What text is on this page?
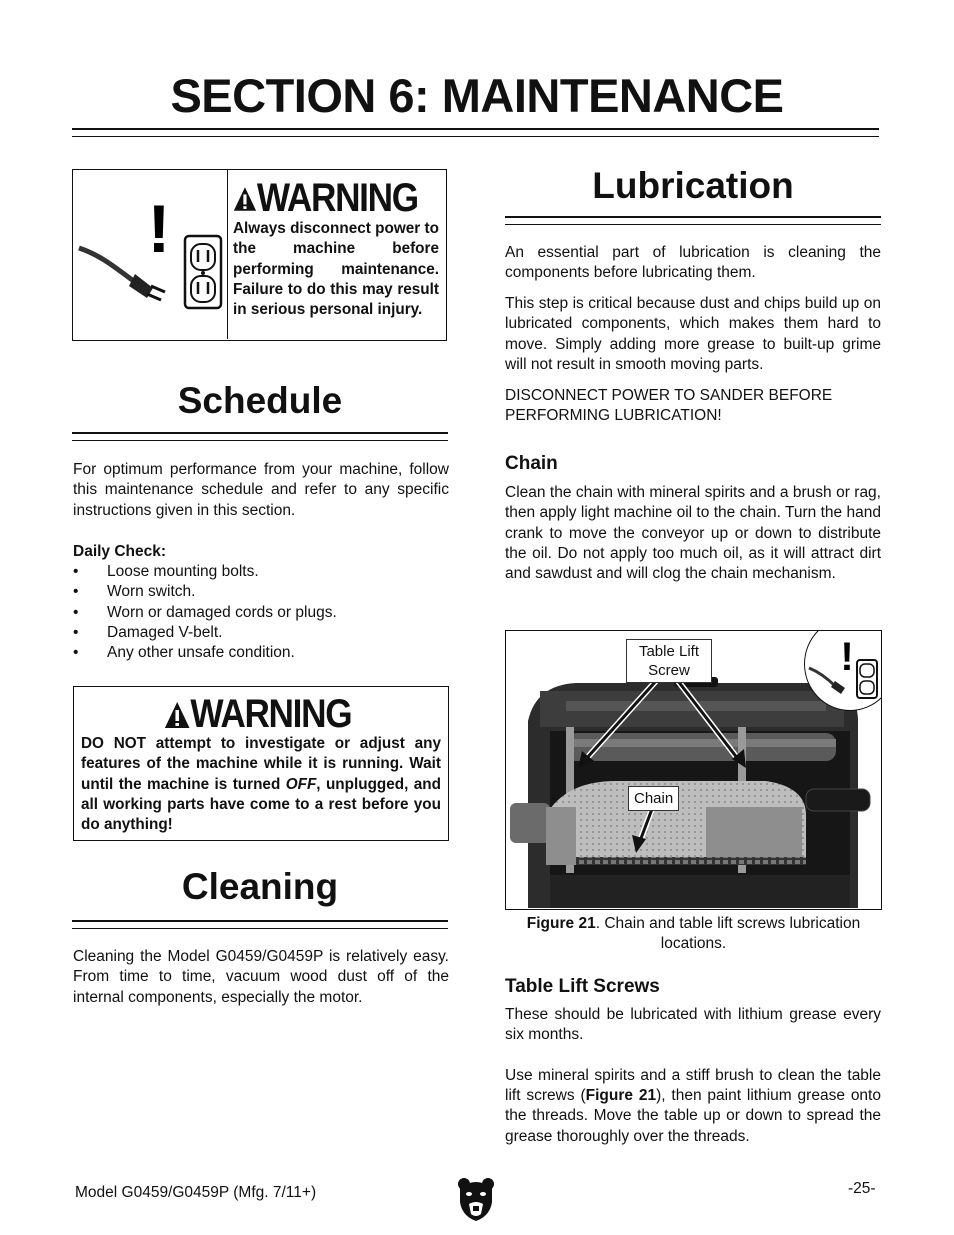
SECTION 6: MAINTENANCE
! WARNING
Always disconnect power to the machine before performing maintenance. Failure to do this may result in serious personal injury.
Schedule

For optimum performance from your machine, follow this maintenance schedule and refer to any specific instructions given in this section.

Daily Check:
• Loose mounting bolts.
• Worn switch.
• Worn or damaged cords or plugs.
• Damaged V-belt.
• Any other unsafe condition.
WARNING
DO NOT attempt to investigate or adjust any features of the machine while it is running. Wait until the machine is turned OFF, unplugged, and all working parts have come to a rest before you do anything!
Cleaning
Cleaning the Model G0459/G0459P is relatively easy. From time to time, vacuum wood dust off of the internal components, especially the motor.
Lubrication

An essential part of lubrication is cleaning the components before lubricating them.

This step is critical because dust and chips build up on lubricated components, which makes them hard to move. Simply adding more grease to built-up grime will not result in smooth moving parts.

DISCONNECT POWER TO SANDER BEFORE PERFORMING LUBRICATION!

Chain
Clean the chain with mineral spirits and a brush or rag, then apply light machine oil to the chain. Turn the hand crank to move the conveyor up or down to distribute the oil. Do not apply too much oil, as it will attract dirt and sawdust and will clog the chain mechanism.
!
Table Lift
Screw
Chain
Figure 21. Chain and table lift screws lubrication locations.
Table Lift Screws

These should be lubricated with lithium grease every six months.

Use mineral spirits and a stiff brush to clean the table lift screws (Figure 21), then paint lithium grease onto the threads. Move the table up or down to spread the grease thoroughly over the threads.

Model G0459/G0459P (Mfg. 7/11+)	-25-
